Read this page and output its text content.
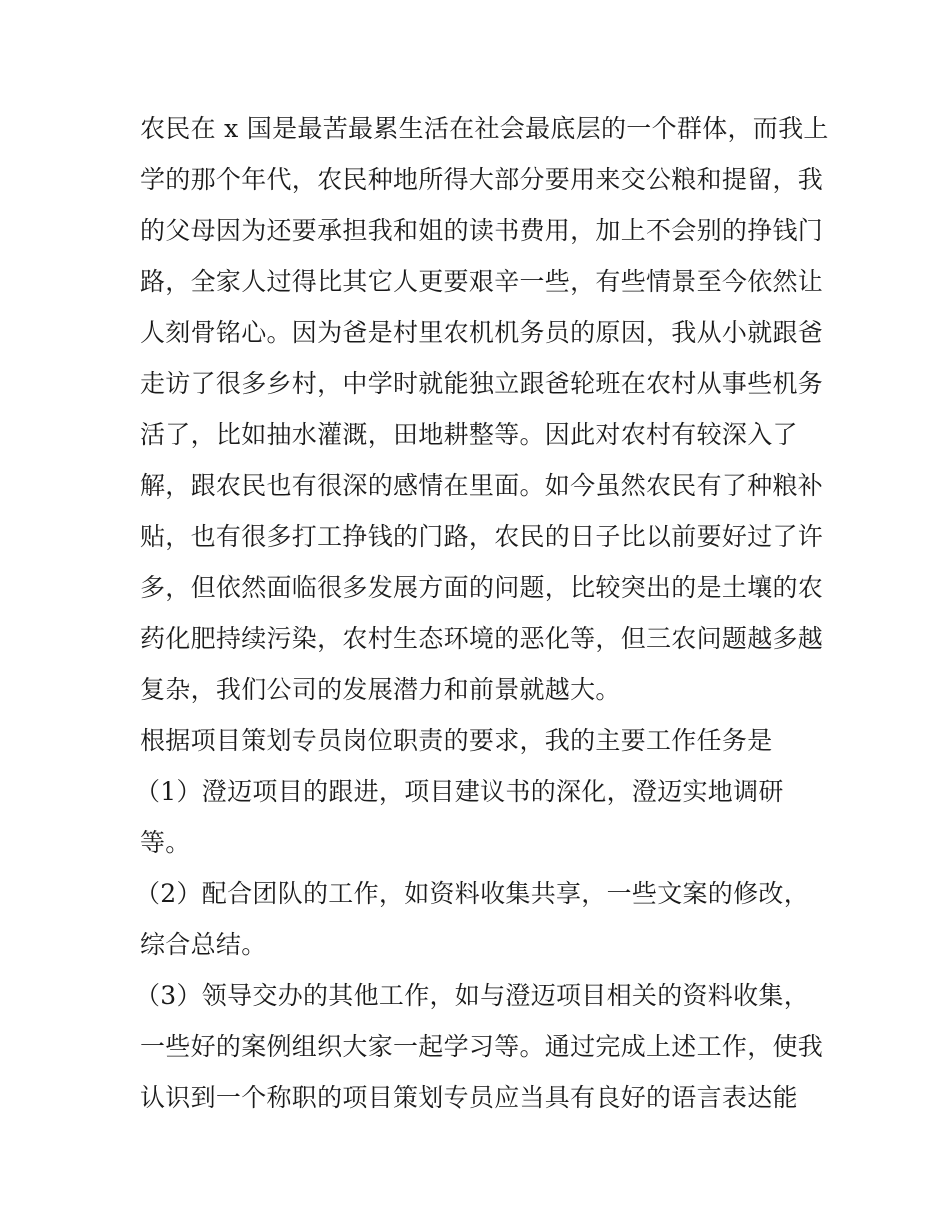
农民在 x 国是最苦最累生活在社会最底层的一个群体，而我上
学的那个年代，农民种地所得大部分要用来交公粮和提留，我
的父母因为还要承担我和姐的读书费用，加上不会别的挣钱门
路，全家人过得比其它人更要艰辛一些，有些情景至今依然让
人刻骨铭心。因为爸是村里农机机务员的原因，我从小就跟爸
走访了很多乡村，中学时就能独立跟爸轮班在农村从事些机务
活了，比如抽水灌溉，田地耕整等。因此对农村有较深入了
解，跟农民也有很深的感情在里面。如今虽然农民有了种粮补
贴，也有很多打工挣钱的门路，农民的日子比以前要好过了许
多，但依然面临很多发展方面的问题，比较突出的是土壤的农
药化肥持续污染，农村生态环境的恶化等，但三农问题越多越
复杂，我们公司的发展潜力和前景就越大。
根据项目策划专员岗位职责的要求，我的主要工作任务是
（1）澄迈项目的跟进，项目建议书的深化，澄迈实地调研
等。
（2）配合团队的工作，如资料收集共享，一些文案的修改，
综合总结。
（3）领导交办的其他工作，如与澄迈项目相关的资料收集，
一些好的案例组织大家一起学习等。通过完成上述工作，使我
认识到一个称职的项目策划专员应当具有良好的语言表达能
